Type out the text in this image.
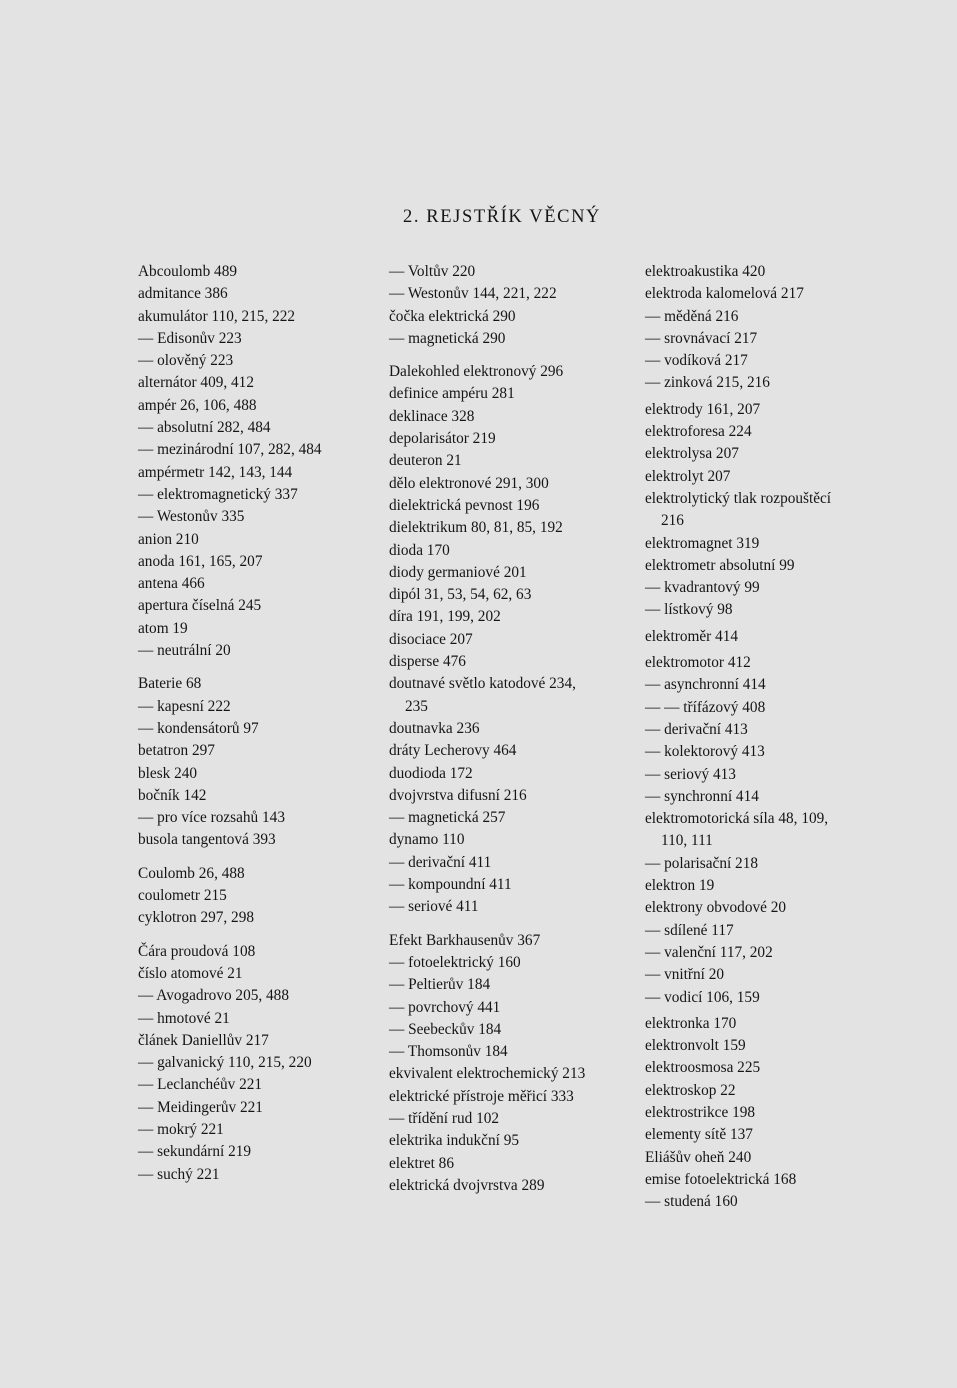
2. REJSTŘÍK VĚCNÝ
Abcoulomb 489
admitance 386
akumulátor 110, 215, 222
— Edisonův 223
— olověný 223
alternátor 409, 412
ampér 26, 106, 488
— absolutní 282, 484
— mezinárodní 107, 282, 484
ampérmetr 142, 143, 144
— elektromagnetický 337
— Westonův 335
anion 210
anoda 161, 165, 207
antena 466
apertura číselná 245
atom 19
— neutrální 20
Baterie 68
— kapesní 222
— kondensátorů 97
betatron 297
blesk 240
bočník 142
— pro více rozsahů 143
busola tangentová 393
Coulomb 26, 488
coulometr 215
cyklotron 297, 298
Čára proudová 108
číslo atomové 21
— Avogadrovo 205, 488
— hmotové 21
článek Daniellův 217
— galvanický 110, 215, 220
— Leclanchéův 221
— Meidingerův 221
— mokrý 221
— sekundární 219
— suchý 221
— Voltův 220
— Westonův 144, 221, 222
čočka elektrická 290
— magnetická 290
Dalekohled elektronový 296
definice ampéru 281
deklinace 328
depolarisátor 219
deuteron 21
dělo elektronové 291, 300
dielektrická pevnost 196
dielektrikum 80, 81, 85, 192
dioda 170
diody germaniové 201
dipól 31, 53, 54, 62, 63
díra 191, 199, 202
disociace 207
disperse 476
doutnavé světlo katodové 234,
235
doutnavka 236
dráty Lecherovy 464
duodioda 172
dvojvrstva difusní 216
— magnetická 257
dynamo 110
— derivační 411
— kompoundní 411
— seriové 411
Efekt Barkhausenův 367
— fotoelektrický 160
— Peltierův 184
— povrchový 441
— Seebeckův 184
— Thomsonův 184
ekvivalent elektrochemický 213
elektrické přístroje měřicí 333
— třídění rud 102
elektrika indukční 95
elektret 86
elektrická dvojvrstva 289
elektroakustika 420
elektroda kalomelová 217
— měděná 216
— srovnávací 217
— vodíková 217
— zinková 215, 216
elektrody 161, 207
elektroforesa 224
elektrolysa 207
elektrolyt 207
elektrolytický tlak rozpouštěcí
216
elektromagnet 319
elektrometr absolutní 99
— kvadrantový 99
— lístkový 98
elektroměr 414
elektromotor 412
— asynchronní 414
— — třífázový 408
— derivační 413
— kolektorový 413
— seriový 413
— synchronní 414
elektromotorická síla 48, 109,
110, 111
— polarisační 218
elektron 19
elektrony obvodové 20
— sdílené 117
— valenční 117, 202
— vnitřní 20
— vodicí 106, 159
elektronka 170
elektronvolt 159
elektroosmosa 225
elektroskop 22
elektrostrikce 198
elementy sítě 137
Eliášův oheň 240
emise fotoelektrická 168
— studená 160
